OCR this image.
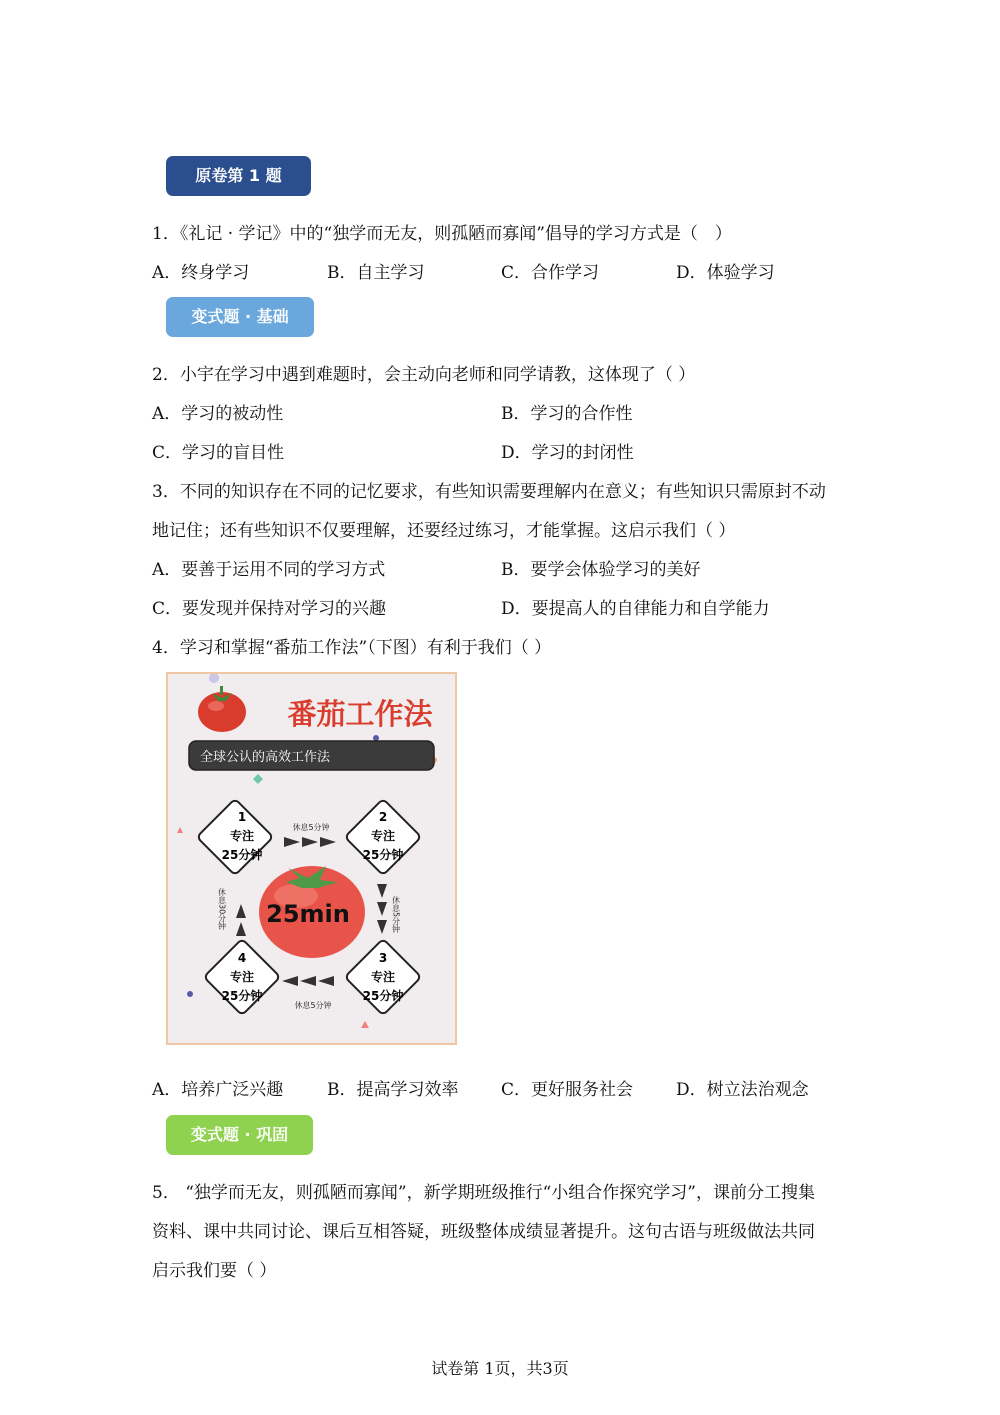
原卷第 1 题
变式题 · 基础
变式题 · 巩固
1．《礼记 · 学记》中的“独学而无友，则孤陋而寡闻”倡导的学习方式是（　）
A．终身学习	B．自主学习	C．合作学习	D．体验学习
2．小宇在学习中遇到难题时，会主动向老师和同学请教，这体现了（ ）
A．学习的被动性	B．学习的合作性
C．学习的盲目性	D．学习的封闭性
3．不同的知识存在不同的记忆要求，有些知识需要理解内在意义；有些知识只需原封不动
地记住；还有些知识不仅要理解，还要经过练习，才能掌握。这启示我们（ ）
A．要善于运用不同的学习方式	B．要学会体验学习的美好
C．要发现并保持对学习的兴趣	D．要提高人的自律能力和自学能力
4．学习和掌握“番茄工作法”（下图）有利于我们（ ）
番茄工作法
全球公认的高效工作法
25min
1
专注
25分钟
2
专注
25分钟
3
专注
25分钟
4
专注
25分钟
休息5分钟
休息5分钟
休息5分钟
休息30分钟
A．培养广泛兴趣	B．提高学习效率	C．更好服务社会	D．树立法治观念
5． “独学而无友，则孤陋而寡闻”，新学期班级推行“小组合作探究学习”，课前分工搜集
资料、课中共同讨论、课后互相答疑，班级整体成绩显著提升。这句古语与班级做法共同
启示我们要（ ）
试卷第 1页，共3页
